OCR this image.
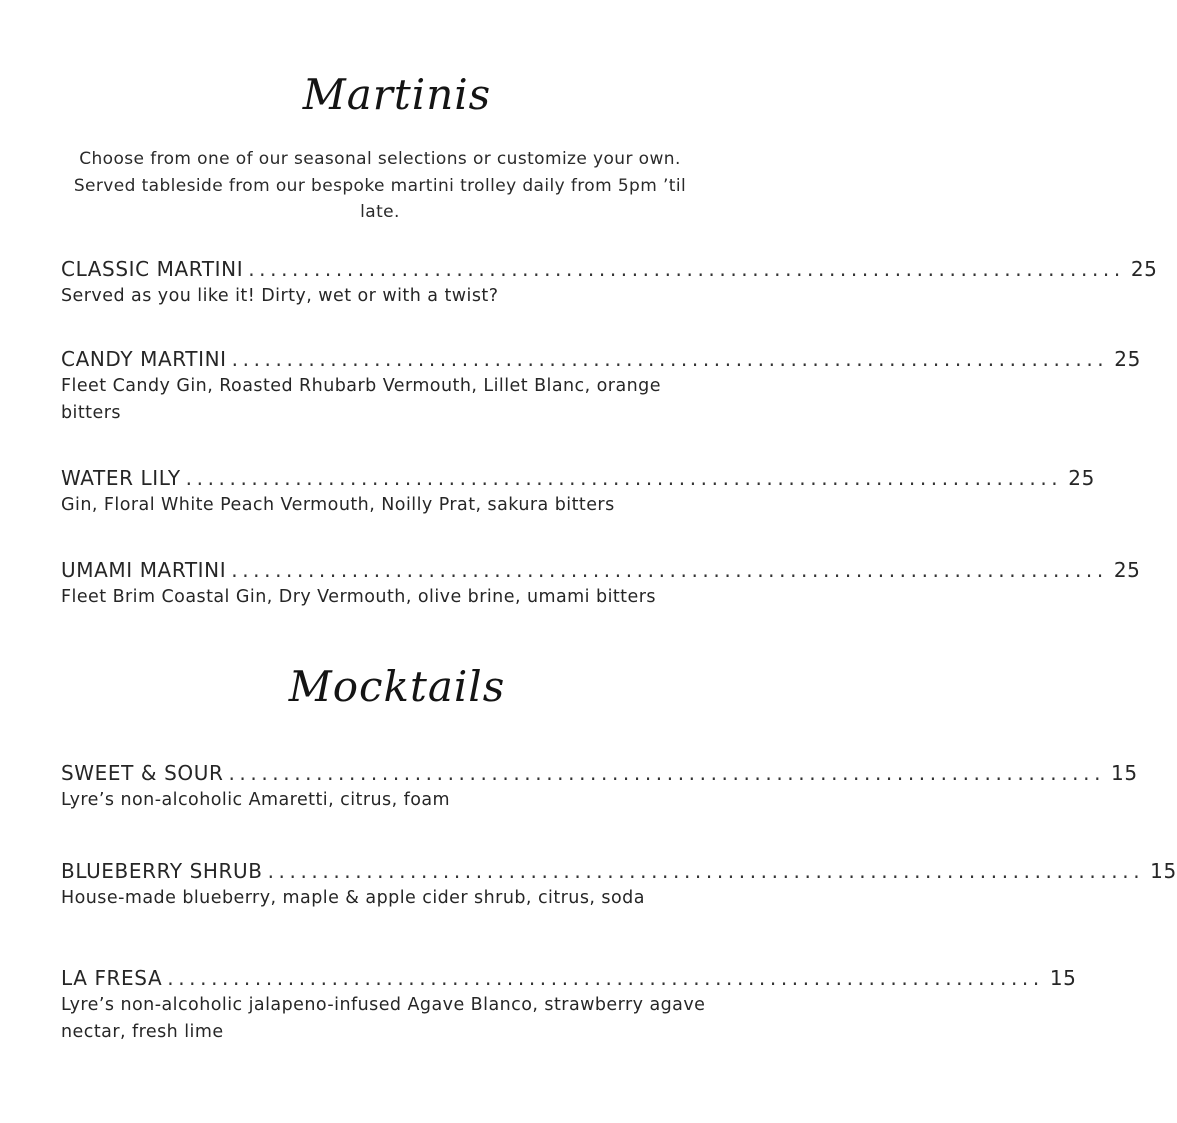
Martinis
Choose from one of our seasonal selections or customize your own. Served tableside from our bespoke martini trolley daily from 5pm ’til late.
CLASSIC MARTINI ................................................................................ 25
Served as you like it! Dirty, wet or with a twist?
CANDY MARTINI ................................................................................ 25
Fleet Candy Gin, Roasted Rhubarb Vermouth, Lillet Blanc, orange bitters
WATER LILY ................................................................................ 25
Gin, Floral White Peach Vermouth, Noilly Prat, sakura bitters
UMAMI MARTINI ................................................................................ 25
Fleet Brim Coastal Gin, Dry Vermouth, olive brine, umami bitters
Mocktails
SWEET & SOUR ................................................................................ 15
Lyre’s non-alcoholic Amaretti, citrus, foam
BLUEBERRY SHRUB ................................................................................ 15
House-made blueberry, maple & apple cider shrub, citrus, soda
LA FRESA ................................................................................ 15
Lyre’s non-alcoholic jalapeno-infused Agave Blanco, strawberry agave nectar, fresh lime
